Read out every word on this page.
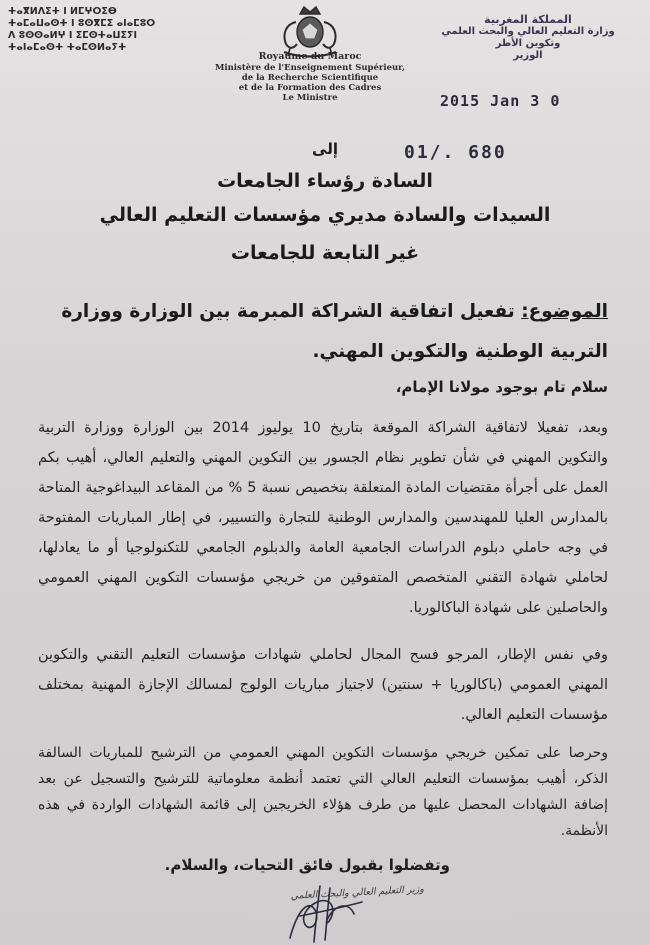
ⵜⴰⴳⵍⴷⵉⵜ ⵏ ⵍⵎⵖⵔⵉⴱ
ⵜⴰⵎⴰⵡⴰⵙⵜ ⵏ ⵓⵙⴳⵎⵉ ⴰⵏⴰⵎⵓⵔ
ⴷ ⵓⵙⵙⴰⵍⵖ ⵏ ⵉⵎⵙⵜⴰⵡⵉⵢⵏ
ⵜⴰⵏⴰⵎⴰⵙⵜ ⵜⴰⵎⵙⵍⴰⵢⵜ
Royaume du Maroc
Ministère de l'Enseignement Supérieur,
de la Recherche Scientifique
et de la Formation des Cadres
Le Ministre
المملكة المغربية
وزارة التعليم العالي والبحث العلمي
وتكوين الأطر
الوزير
2015 Jan 3 0
01/. 680
إلى
السادة رؤساء الجامعات
السيدات والسادة مديري مؤسسات التعليم العالي
غير التابعة للجامعات
الموضوع: تفعيل اتفاقية الشراكة المبرمة بين الوزارة ووزارة التربية الوطنية والتكوين المهني.
سلام تام بوجود مولانا الإمام،
وبعد، تفعيلا لاتفاقية الشراكة الموقعة بتاريخ 10 يوليوز 2014 بين الوزارة ووزارة التربية والتكوين المهني في شأن تطوير نظام الجسور بين التكوين المهني والتعليم العالي، أهيب بكم العمل على أجرأة مقتضيات المادة المتعلقة بتخصيص نسبة 5 % من المقاعد البيداغوجية المتاحة بالمدارس العليا للمهندسين والمدارس الوطنية للتجارة والتسيير، في إطار المباريات المفتوحة في وجه حاملي دبلوم الدراسات الجامعية العامة والدبلوم الجامعي للتكنولوجيا أو ما يعادلها، لحاملي شهادة التقني المتخصص المتفوقين من خريجي مؤسسات التكوين المهني العمومي والحاصلين على شهادة الباكالوريا.
وفي نفس الإطار، المرجو فسح المجال لحاملي شهادات مؤسسات التعليم التقني والتكوين المهني العمومي (باكالوريا + سنتين) لاجتياز مباريات الولوج لمسالك الإجازة المهنية بمختلف مؤسسات التعليم العالي.
وحرصا على تمكين خريجي مؤسسات التكوين المهني العمومي من الترشيح للمباريات السالفة الذكر، أهيب بمؤسسات التعليم العالي التي تعتمد أنظمة معلوماتية للترشيح والتسجيل عن بعد إضافة الشهادات المحصل عليها من طرف هؤلاء الخريجين إلى قائمة الشهادات الواردة في هذه الأنظمة.
وتفضلوا بقبول فائق التحيات، والسلام.
وزير التعليم العالي والبحث العلمي
